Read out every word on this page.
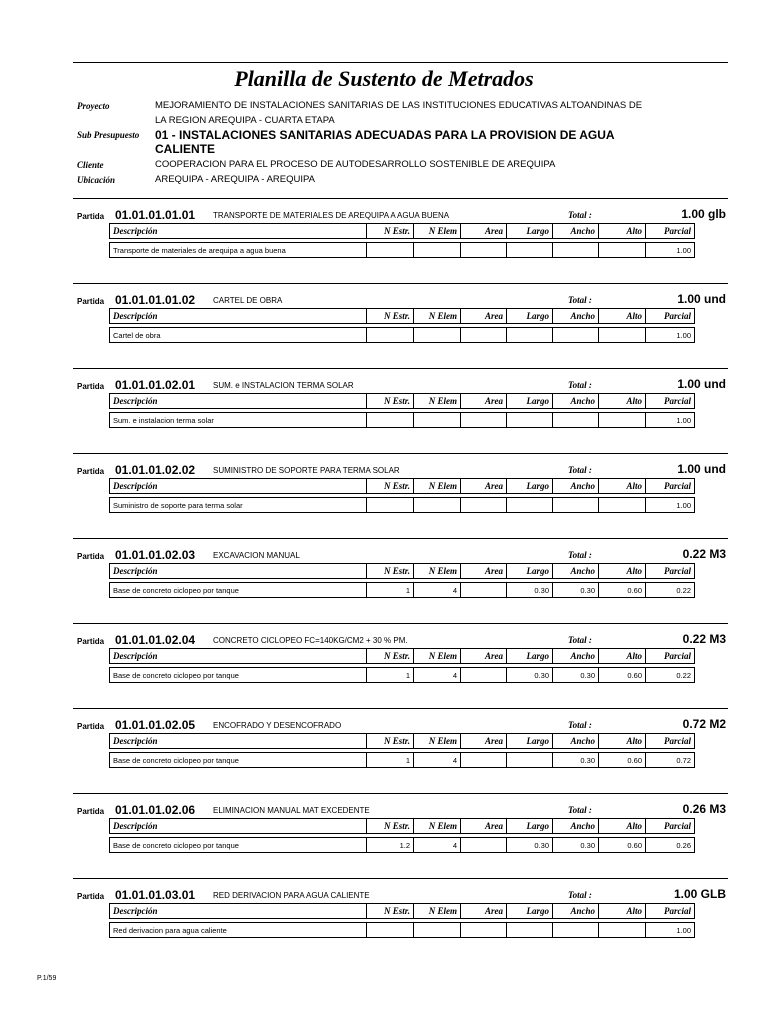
Planilla de Sustento de Metrados
Proyecto	MEJORAMIENTO DE INSTALACIONES SANITARIAS DE LAS INSTITUCIONES EDUCATIVAS ALTOANDINAS DE
LA REGION AREQUIPA - CUARTA ETAPA
Sub Presupuesto 01 - INSTALACIONES SANITARIAS ADECUADAS PARA LA PROVISION DE AGUA
CALIENTE
Cliente	COOPERACION PARA EL PROCESO DE AUTODESARROLLO SOSTENIBLE DE AREQUIPA
Ubicación	AREQUIPA - AREQUIPA - AREQUIPA
Partida 01.01.01.01.01 TRANSPORTE DE MATERIALES DE AREQUIPA A AGUA BUENA	Total :	1.00 glb
Descripción	N Estr.	N Elem	Area	Largo	Ancho	Alto	Parcial

Transporte de materiales de arequipa a agua buena							1.00
Partida 01.01.01.01.02 CARTEL DE OBRA	Total :	1.00 und
Descripción	N Estr.	N Elem	Area	Largo	Ancho	Alto	Parcial

Cartel de obra							1.00
Partida 01.01.01.02.01 SUM. e INSTALACION TERMA SOLAR	Total :	1.00 und
Descripción	N Estr.	N Elem	Area	Largo	Ancho	Alto	Parcial

Sum. e instalacion terma solar							1.00
Partida 01.01.01.02.02 SUMINISTRO DE SOPORTE PARA TERMA SOLAR	Total :	1.00 und
Descripción	N Estr.	N Elem	Area	Largo	Ancho	Alto	Parcial

Suministro de soporte para terma solar							1.00
Partida 01.01.01.02.03 EXCAVACION MANUAL	Total :	0.22 M3
Descripción	N Estr.	N Elem	Area	Largo	Ancho	Alto	Parcial

Base de concreto ciclopeo por tanque	1	4		0.30	0.30	0.60	0.22
Partida 01.01.01.02.04 CONCRETO CICLOPEO FC=140KG/CM2 + 30 % PM.	Total :	0.22 M3
Descripción	N Estr.	N Elem	Area	Largo	Ancho	Alto	Parcial

Base de concreto ciclopeo por tanque	1	4		0.30	0.30	0.60	0.22
Partida 01.01.01.02.05 ENCOFRADO Y DESENCOFRADO	Total :	0.72 M2
Descripción	N Estr.	N Elem	Area	Largo	Ancho	Alto	Parcial

Base de concreto ciclopeo por tanque	1	4			0.30	0.60	0.72
Partida 01.01.01.02.06 ELIMINACION MANUAL MAT EXCEDENTE	Total :	0.26 M3
Descripción	N Estr.	N Elem	Area	Largo	Ancho	Alto	Parcial

Base de concreto ciclopeo por tanque	1.2	4		0.30	0.30	0.60	0.26
Partida 01.01.01.03.01 RED DERIVACION PARA AGUA CALIENTE	Total :	1.00 GLB
Descripción	N Estr.	N Elem	Area	Largo	Ancho	Alto	Parcial

Red derivacion para agua caliente							1.00
P.1/59
